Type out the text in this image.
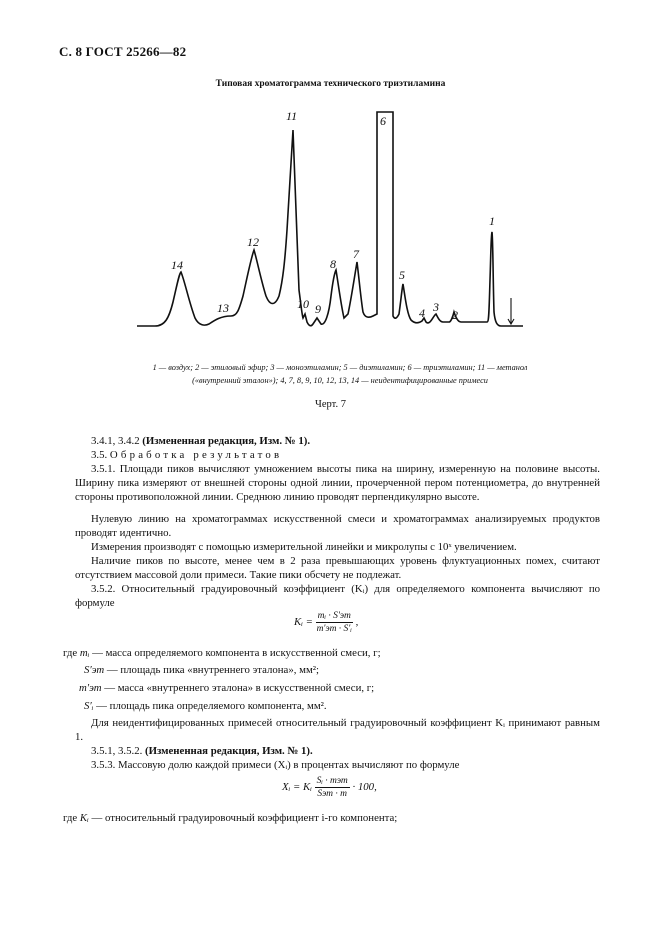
С. 8 ГОСТ 25266—82
Типовая хроматограмма технического триэтиламина
1
2
3
4
5
6
7
8
9
10
11
12
13
14
1 — воздух; 2 — этиловый эфир; 3 — моноэтиламин; 5 — диэтиламин; 6 — триэтиламин; 11 — метанол
(«внутренний эталон»); 4, 7, 8, 9, 10, 12, 13, 14 — неидентифицированные примеси
Черт. 7
3.4.1, 3.4.2 (Измененная редакция, Изм. № 1).
3.5. Обработка результатов
3.5.1. Площади пиков вычисляют умножением высоты пика на ширину, измеренную на половине высоты. Ширину пика измеряют от внешней стороны одной линии, прочерченной пером потенциометра, до внутренней стороны противоположной линии. Среднюю линию проводят перпендикулярно высоте.
Нулевую линию на хроматограммах искусственной смеси и хроматограммах анализируемых продуктов проводят идентично.
Измерения производят с помощью измерительной линейки и микролупы с 10ˣ увеличением.
Наличие пиков по высоте, менее чем в 2 раза превышающих уровень флуктуационных помех, считают отсутствием массовой доли примеси. Такие пики обсчету не подлежат.
3.5.2. Относительный градуировочный коэффициент (Kᵢ) для определяемого компонента вычисляют по формуле
Kᵢ = $\frac{\text{mᵢ · S′эт}}{\text{m′эт · S′ᵢ}}$ ,
где mᵢ — масса определяемого компонента в искусственной смеси, г;
S′эт — площадь пика «внутреннего эталона», мм²;
m′эт — масса «внутреннего эталона» в искусственной смеси, г;
S′ᵢ — площадь пика определяемого компонента, мм².
Для неидентифицированных примесей относительный градуировочный коэффициент Kᵢ принимают равным 1.
3.5.1, 3.5.2. (Измененная редакция, Изм. № 1).
3.5.3. Массовую долю каждой примеси (Xᵢ) в процентах вычисляют по формуле
Xᵢ = Kᵢ $\frac{\text{Sᵢ · mэт}}{\text{Sэт · m}} \cdot 100$,
где Kᵢ — относительный градуировочный коэффициент i-го компонента;
